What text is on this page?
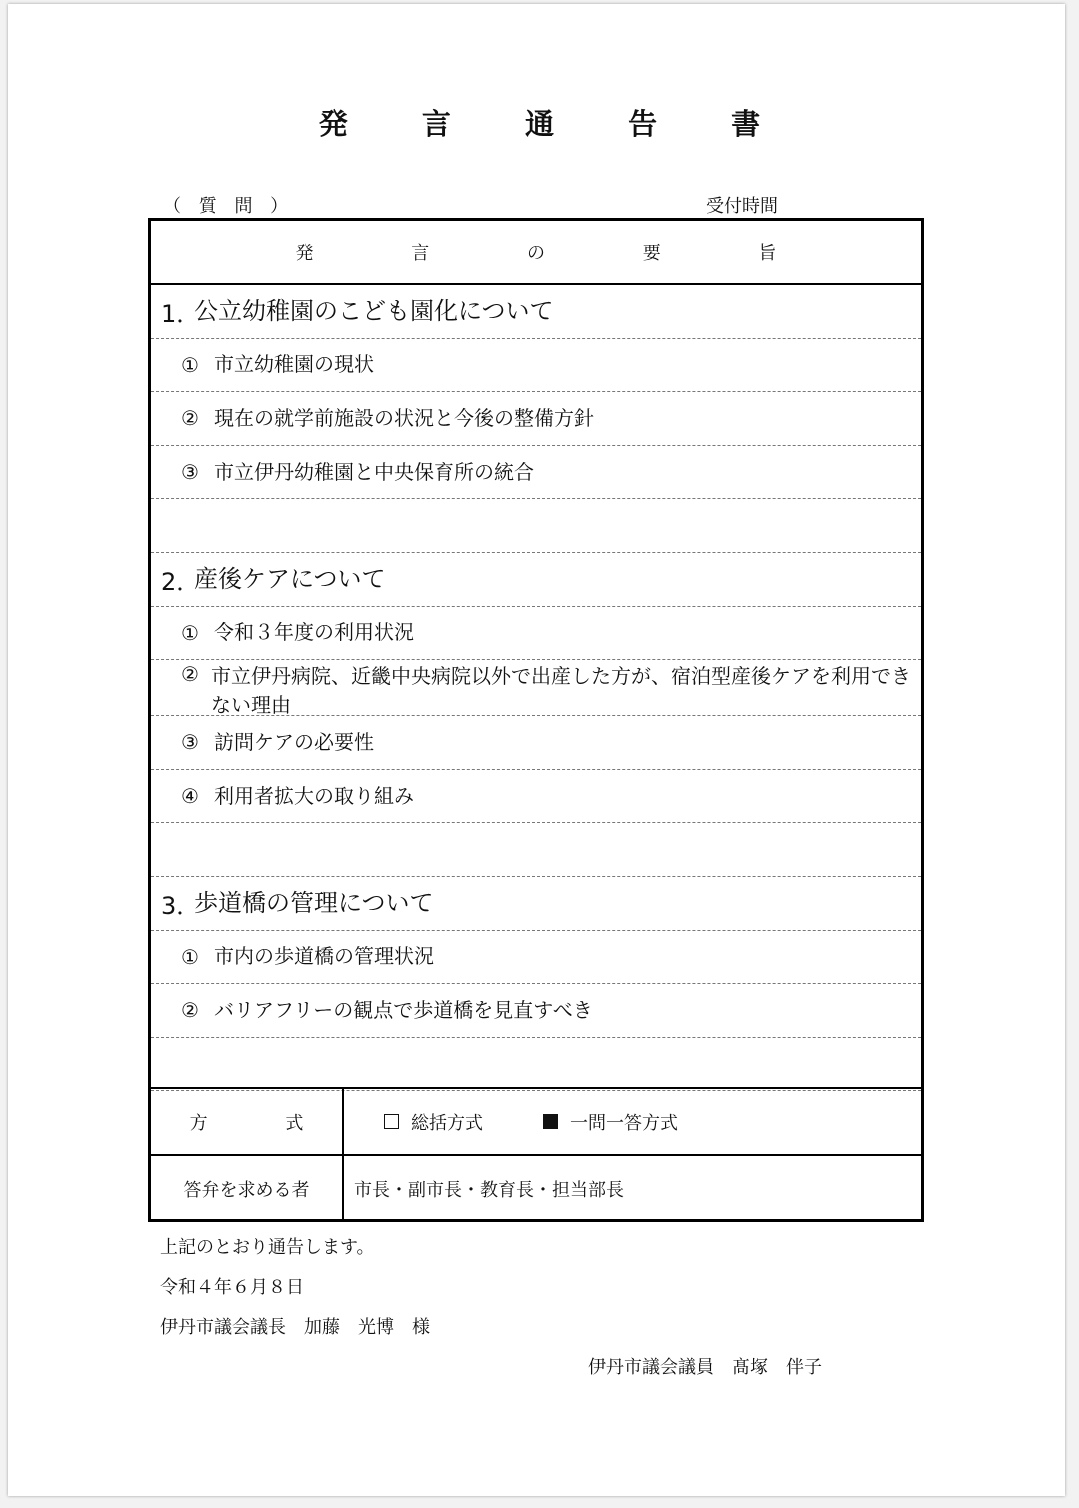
発 言 通 告 書
（ 質 問 ）	受付時間
発 言 の 要 旨
1．
公立幼稚園のこども園化について
① 市立幼稚園の現状
② 現在の就学前施設の状況と今後の整備方針
③ 市立伊丹幼稚園と中央保育所の統合
2．
産後ケアについて
① 令和３年度の利用状況
② 市立伊丹病院、近畿中央病院以外で出産した方が、宿泊型産後ケアを利用できない理由
③ 訪問ケアの必要性
④ 利用者拡大の取り組み
3．
歩道橋の管理について
① 市内の歩道橋の管理状況
② バリアフリーの観点で歩道橋を見直すべき
方 式	総括方式	一問一答方式
答弁を求める者	市長・副市長・教育長・担当部長
上記のとおり通告します。
令和４年６月８日
伊丹市議会議長　加藤　光博　様
伊丹市議会議員　髙塚　伴子
